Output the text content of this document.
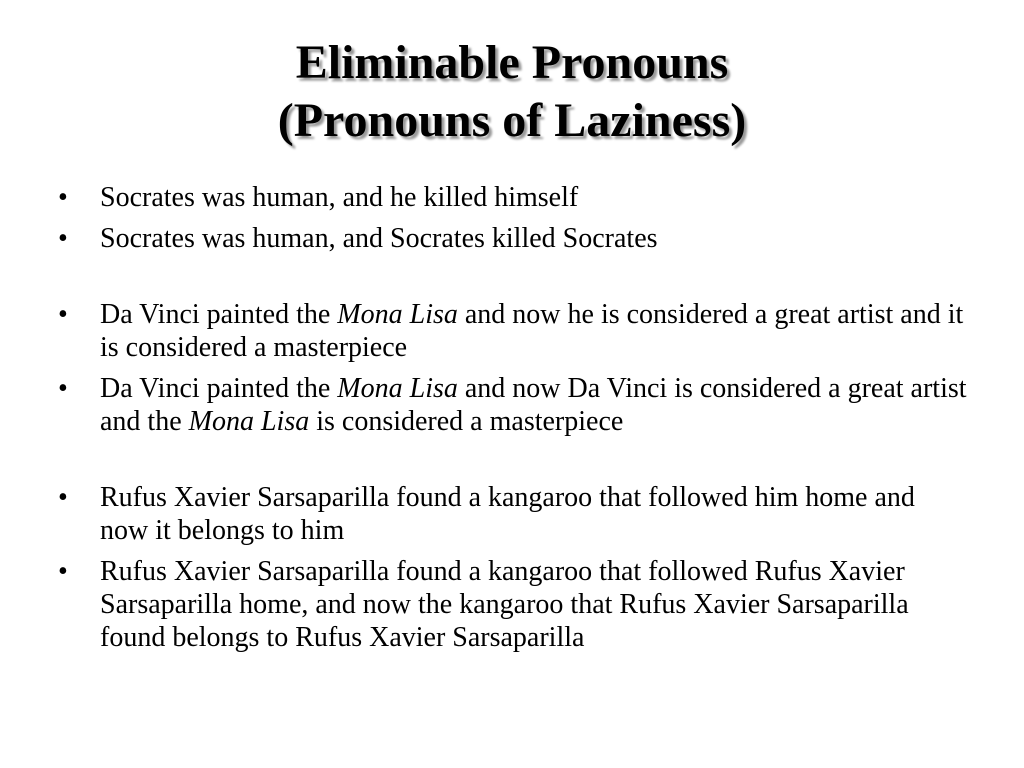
Eliminable Pronouns
(Pronouns of Laziness)
•	Socrates was human, and he killed himself
•	Socrates was human, and Socrates killed Socrates
•	Da Vinci painted the Mona Lisa and now he is considered a great artist and it is considered a masterpiece
•	Da Vinci painted the Mona Lisa and now Da Vinci is considered a great artist and the Mona Lisa is considered a masterpiece
•	Rufus Xavier Sarsaparilla found a kangaroo that followed him home and now it belongs to him
•	Rufus Xavier Sarsaparilla found a kangaroo that followed Rufus Xavier Sarsaparilla home, and now the kangaroo that Rufus Xavier Sarsaparilla found belongs to Rufus Xavier Sarsaparilla
